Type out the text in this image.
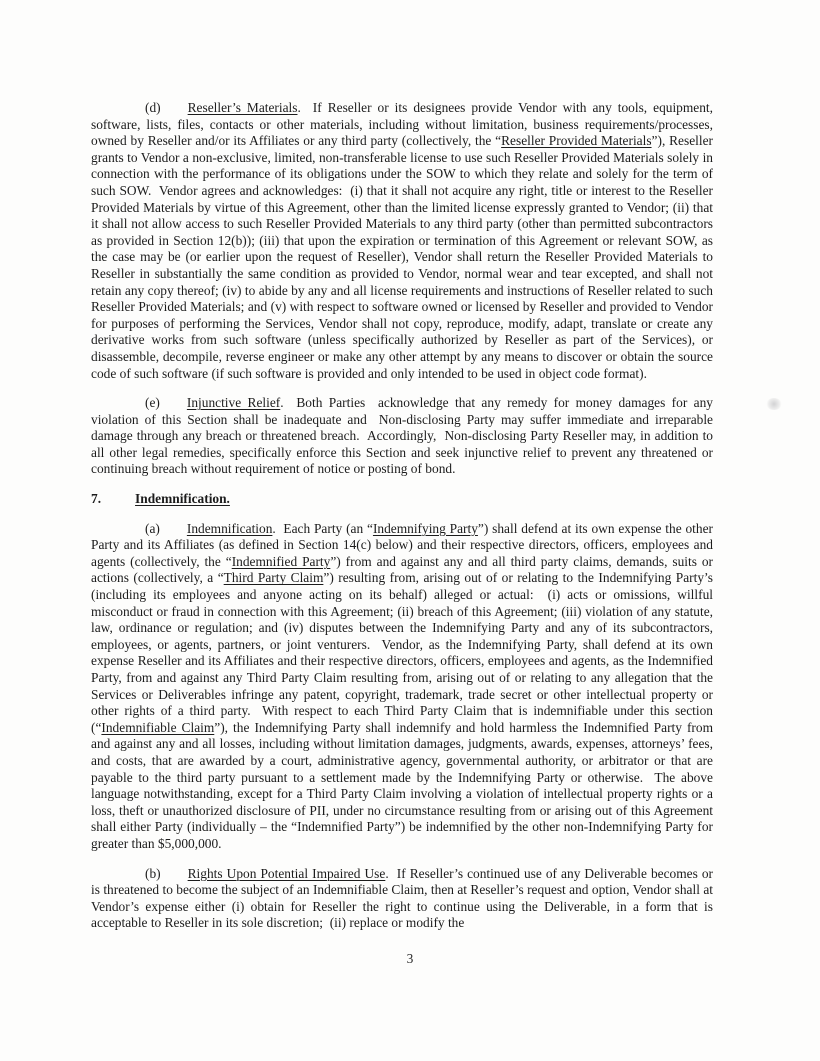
(d) Reseller’s Materials.  If Reseller or its designees provide Vendor with any tools, equipment, software, lists, files, contacts or other materials, including without limitation, business requirements/processes, owned by Reseller and/or its Affiliates or any third party (collectively, the “Reseller Provided Materials”), Reseller grants to Vendor a non-exclusive, limited, non-transferable license to use such Reseller Provided Materials solely in connection with the performance of its obligations under the SOW to which they relate and solely for the term of such SOW.  Vendor agrees and acknowledges:  (i) that it shall not acquire any right, title or interest to the Reseller Provided Materials by virtue of this Agreement, other than the limited license expressly granted to Vendor; (ii) that it shall not allow access to such Reseller Provided Materials to any third party (other than permitted subcontractors as provided in Section 12(b)); (iii) that upon the expiration or termination of this Agreement or relevant SOW, as the case may be (or earlier upon the request of Reseller), Vendor shall return the Reseller Provided Materials to Reseller in substantially the same condition as provided to Vendor, normal wear and tear excepted, and shall not retain any copy thereof; (iv) to abide by any and all license requirements and instructions of Reseller related to such Reseller Provided Materials; and (v) with respect to software owned or licensed by Reseller and provided to Vendor for purposes of performing the Services, Vendor shall not copy, reproduce, modify, adapt, translate or create any derivative works from such software (unless specifically authorized by Reseller as part of the Services), or disassemble, decompile, reverse engineer or make any other attempt by any means to discover or obtain the source code of such software (if such software is provided and only intended to be used in object code format).

(e) Injunctive Relief.  Both Parties  acknowledge that any remedy for money damages for any violation of this Section shall be inadequate and  Non-disclosing Party may suffer immediate and irreparable damage through any breach or threatened breach.  Accordingly,  Non-disclosing Party Reseller may, in addition to all other legal remedies, specifically enforce this Section and seek injunctive relief to prevent any threatened or continuing breach without requirement of notice or posting of bond.

7.	Indemnification.

(a) Indemnification.  Each Party (an “Indemnifying Party”) shall defend at its own expense the other Party and its Affiliates (as defined in Section 14(c) below) and their respective directors, officers, employees and agents (collectively, the “Indemnified Party”) from and against any and all third party claims, demands, suits or actions (collectively, a “Third Party Claim”) resulting from, arising out of or relating to the Indemnifying Party’s (including its employees and anyone acting on its behalf) alleged or actual:  (i) acts or omissions, willful misconduct or fraud in connection with this Agreement; (ii) breach of this Agreement; (iii) violation of any statute, law, ordinance or regulation; and (iv) disputes between the Indemnifying Party and any of its subcontractors, employees, or agents, partners, or joint venturers.  Vendor, as the Indemnifying Party, shall defend at its own expense Reseller and its Affiliates and their respective directors, officers, employees and agents, as the Indemnified Party, from and against any Third Party Claim resulting from, arising out of or relating to any allegation that the Services or Deliverables infringe any patent, copyright, trademark, trade secret or other intellectual property or other rights of a third party.  With respect to each Third Party Claim that is indemnifiable under this section (“Indemnifiable Claim”), the Indemnifying Party shall indemnify and hold harmless the Indemnified Party from and against any and all losses, including without limitation damages, judgments, awards, expenses, attorneys’ fees, and costs, that are awarded by a court, administrative agency, governmental authority, or arbitrator or that are payable to the third party pursuant to a settlement made by the Indemnifying Party or otherwise.  The above language notwithstanding, except for a Third Party Claim involving a violation of intellectual property rights or a loss, theft or unauthorized disclosure of PII, under no circumstance resulting from or arising out of this Agreement shall either Party (individually – the “Indemnified Party”) be indemnified by the other non-Indemnifying Party for greater than $5,000,000.

(b) Rights Upon Potential Impaired Use.  If Reseller’s continued use of any Deliverable becomes or is threatened to become the subject of an Indemnifiable Claim, then at Reseller’s request and option, Vendor shall at Vendor’s expense either (i) obtain for Reseller the right to continue using the Deliverable, in a form that is acceptable to Reseller in its sole discretion;  (ii) replace or modify the

3
